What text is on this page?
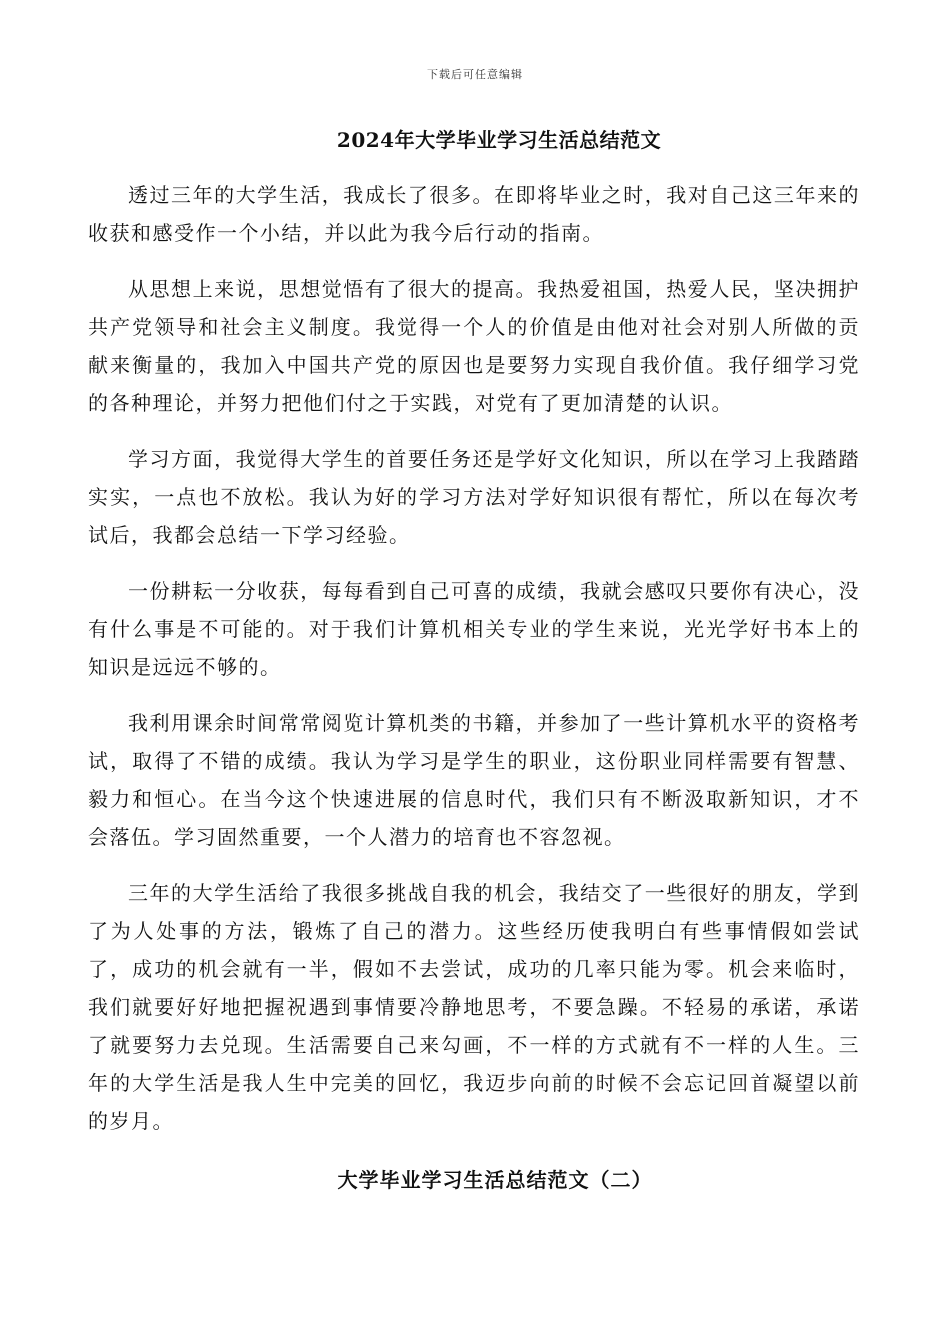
下载后可任意编辑
2024年大学毕业学习生活总结范文

透过三年的大学生活，我成长了很多。在即将毕业之时，我对自己这三年来的收获和感受作一个小结，并以此为我今后行动的指南。

从思想上来说，思想觉悟有了很大的提高。我热爱祖国，热爱人民，坚决拥护共产党领导和社会主义制度。我觉得一个人的价值是由他对社会对别人所做的贡献来衡量的，我加入中国共产党的原因也是要努力实现自我价值。我仔细学习党的各种理论，并努力把他们付之于实践，对党有了更加清楚的认识。

学习方面，我觉得大学生的首要任务还是学好文化知识，所以在学习上我踏踏实实，一点也不放松。我认为好的学习方法对学好知识很有帮忙，所以在每次考试后，我都会总结一下学习经验。

一份耕耘一分收获，每每看到自己可喜的成绩，我就会感叹只要你有决心，没有什么事是不可能的。对于我们计算机相关专业的学生来说，光光学好书本上的知识是远远不够的。

我利用课余时间常常阅览计算机类的书籍，并参加了一些计算机水平的资格考试，取得了不错的成绩。我认为学习是学生的职业，这份职业同样需要有智慧、毅力和恒心。在当今这个快速进展的信息时代，我们只有不断汲取新知识，才不会落伍。学习固然重要，一个人潜力的培育也不容忽视。

三年的大学生活给了我很多挑战自我的机会，我结交了一些很好的朋友，学到了为人处事的方法，锻炼了自己的潜力。这些经历使我明白有些事情假如尝试了，成功的机会就有一半，假如不去尝试，成功的几率只能为零。机会来临时，我们就要好好地把握祝遇到事情要冷静地思考，不要急躁。不轻易的承诺，承诺了就要努力去兑现。生活需要自己来勾画，不一样的方式就有不一样的人生。三年的大学生活是我人生中完美的回忆，我迈步向前的时候不会忘记回首凝望以前的岁月。

大学毕业学习生活总结范文（二）
